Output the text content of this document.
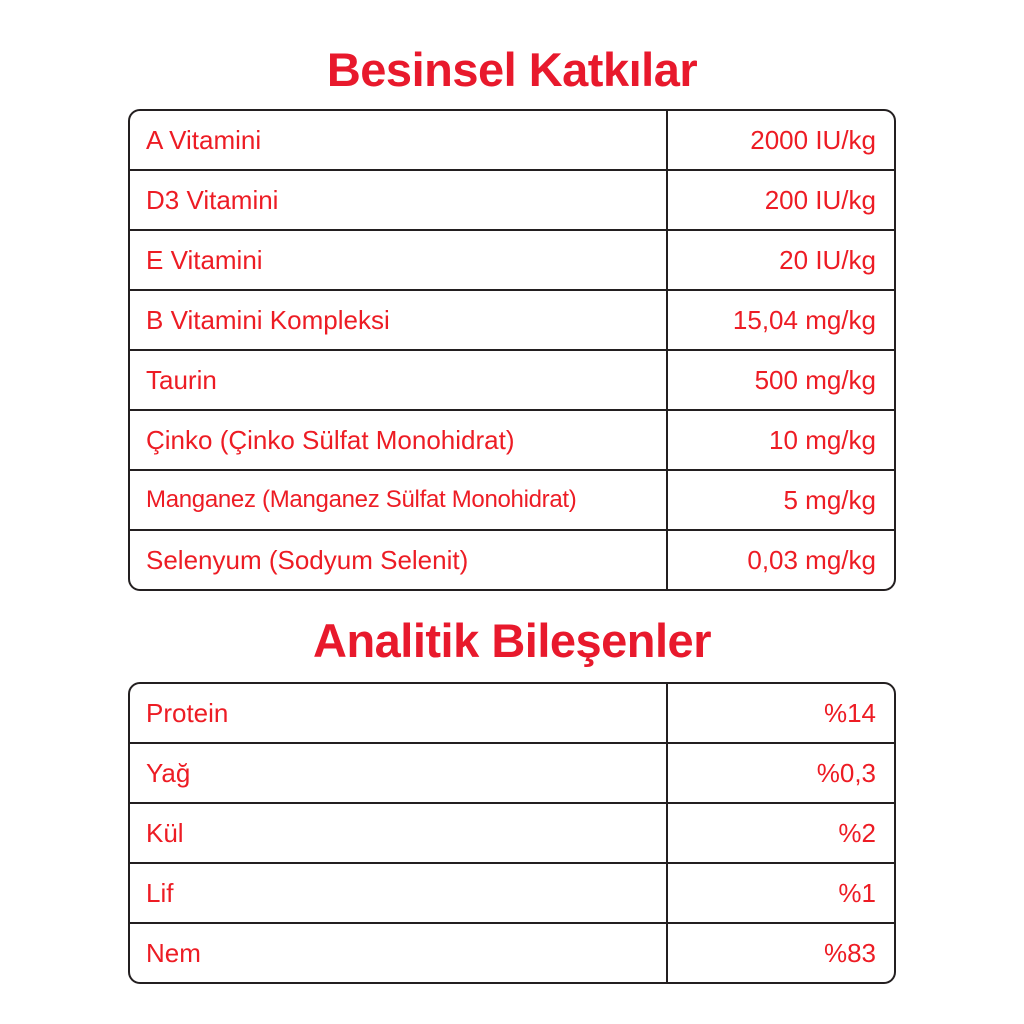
Besinsel Katkılar
A Vitamini	2000 IU/kg
D3 Vitamini	200 IU/kg
E Vitamini	20 IU/kg
B Vitamini Kompleksi	15,04 mg/kg
Taurin	500 mg/kg
Çinko (Çinko Sülfat Monohidrat)	10 mg/kg
Manganez (Manganez Sülfat Monohidrat)	5 mg/kg
Selenyum (Sodyum Selenit)	0,03 mg/kg
Analitik Bileşenler
Protein	%14
Yağ	%0,3
Kül	%2
Lif	%1
Nem	%83
